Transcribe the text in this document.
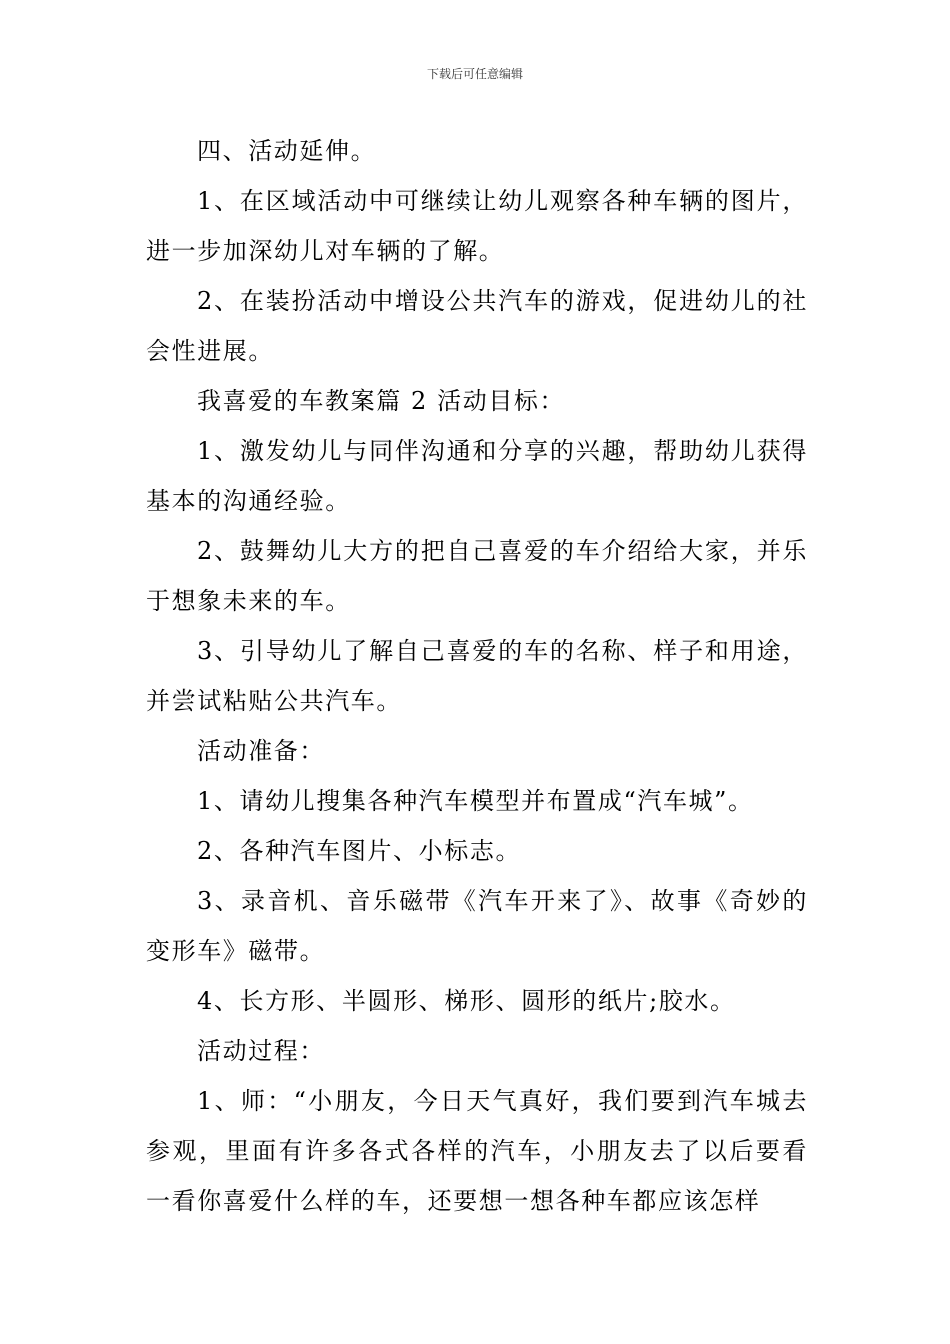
下载后可任意编辑

四、活动延伸。

1、在区域活动中可继续让幼儿观察各种车辆的图片，进一步加深幼儿对车辆的了解。

2、在装扮活动中增设公共汽车的游戏，促进幼儿的社会性进展。

我喜爱的车教案篇 2 活动目标：

1、激发幼儿与同伴沟通和分享的兴趣，帮助幼儿获得基本的沟通经验。

2、鼓舞幼儿大方的把自己喜爱的车介绍给大家，并乐于想象未来的车。

3、引导幼儿了解自己喜爱的车的名称、样子和用途，并尝试粘贴公共汽车。

活动准备：

1、请幼儿搜集各种汽车模型并布置成“汽车城”。

2、各种汽车图片、小标志。

3、录音机、音乐磁带《汽车开来了》、故事《奇妙的变形车》磁带。

4、长方形、半圆形、梯形、圆形的纸片;胶水。

活动过程：

1、师：“小朋友，今日天气真好，我们要到汽车城去参观，里面有许多各式各样的汽车，小朋友去了以后要看一看你喜爱什么样的车，还要想一想各种车都应该怎样
